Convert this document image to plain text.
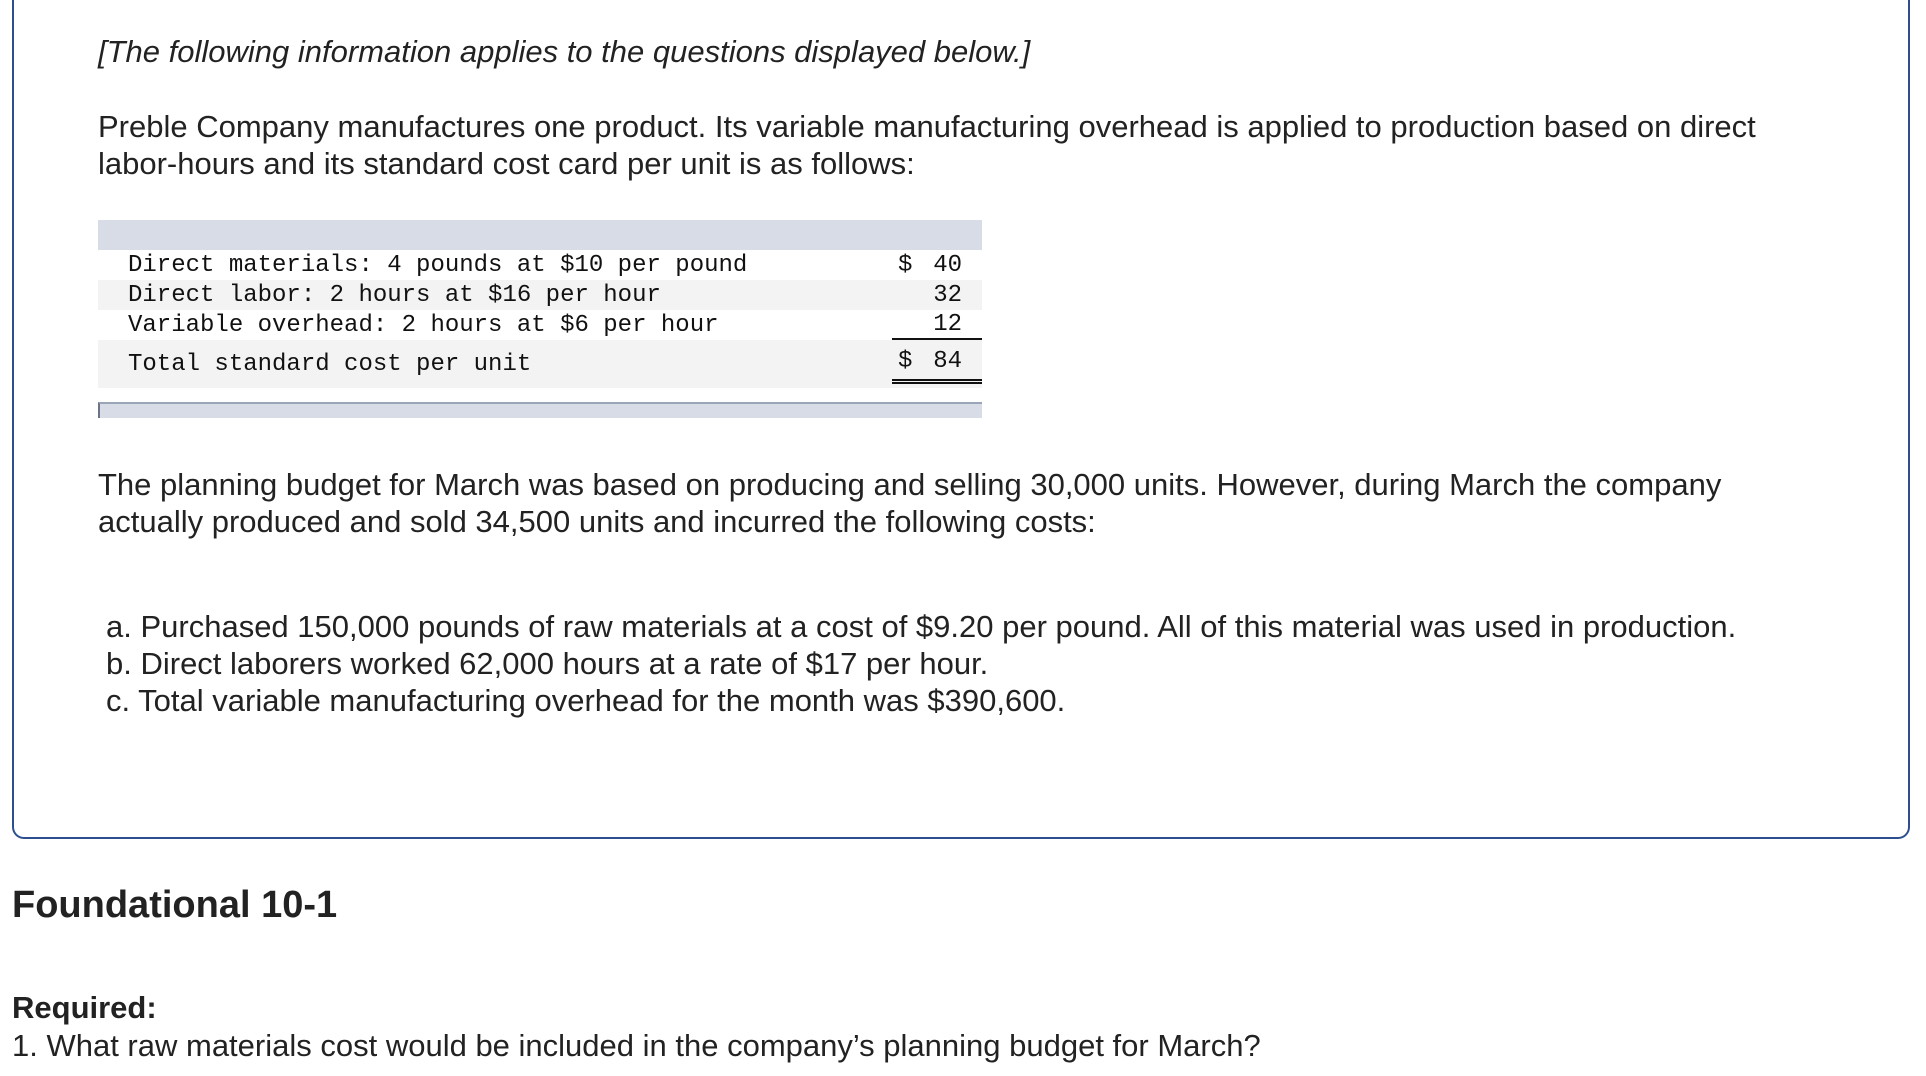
[The following information applies to the questions displayed below.]
Preble Company manufactures one product. Its variable manufacturing overhead is applied to production based on direct labor-hours and its standard cost card per unit is as follows:
Direct materials: 4 pounds at $10 per pound	$ 40
Direct labor: 2 hours at $16 per hour	32
Variable overhead: 2 hours at $6 per hour	12
Total standard cost per unit	$ 84
The planning budget for March was based on producing and selling 30,000 units. However, during March the company actually produced and sold 34,500 units and incurred the following costs:
a. Purchased 150,000 pounds of raw materials at a cost of $9.20 per pound. All of this material was used in production.
b. Direct laborers worked 62,000 hours at a rate of $17 per hour.
c. Total variable manufacturing overhead for the month was $390,600.
Foundational 10-1
Required:
1. What raw materials cost would be included in the company’s planning budget for March?
